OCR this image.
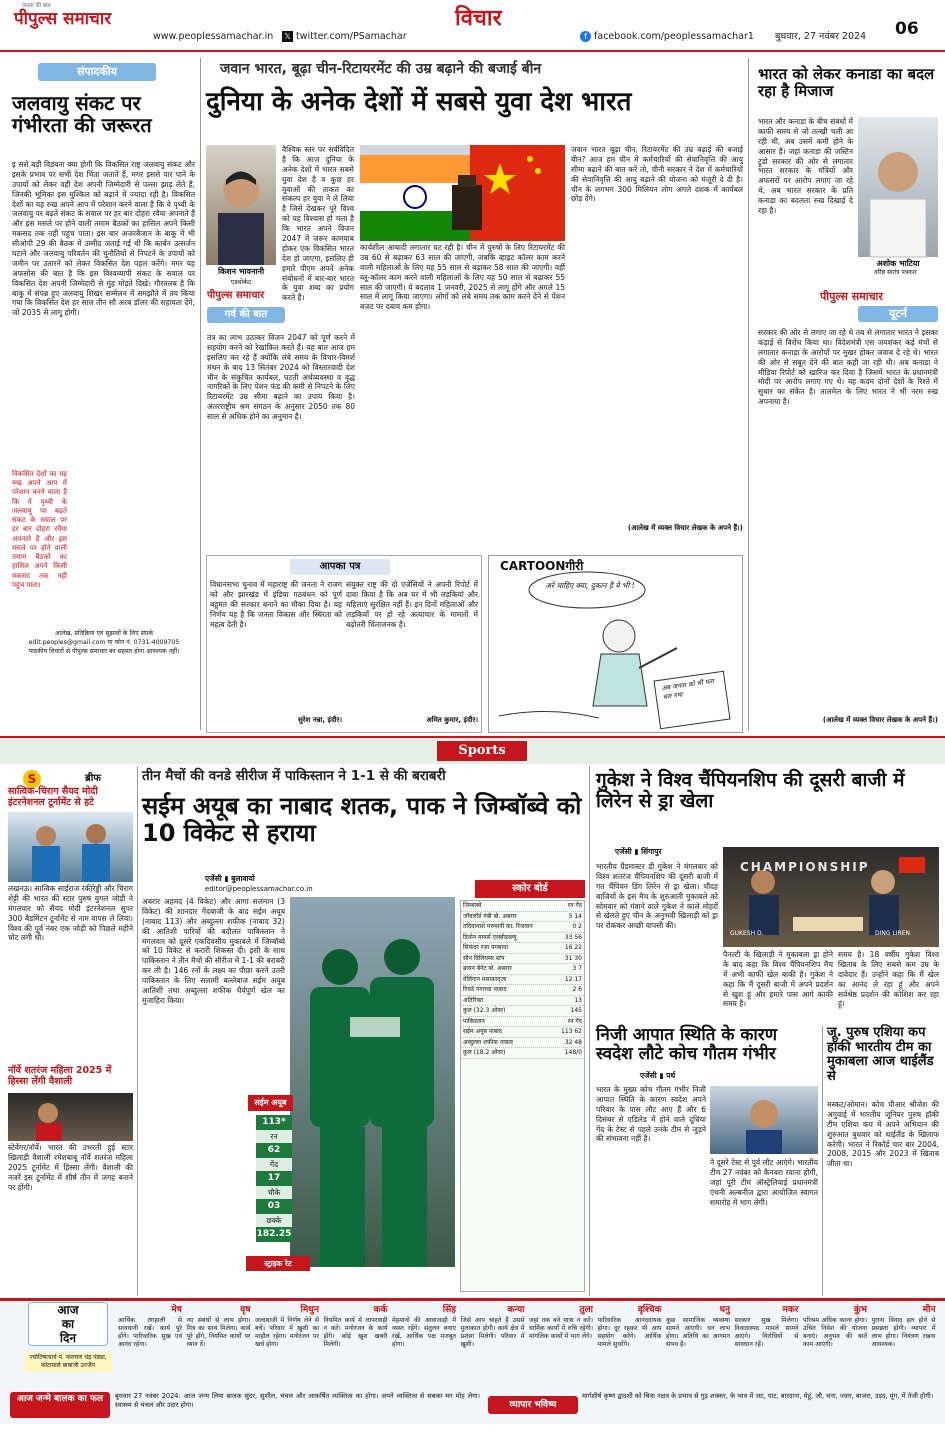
जनता की बात
पीपुल्स समाचार
www.peoplessamachar.in 𝕏 twitter.com/PSamachar
विचार
f facebook.com/peoplessamachar1 बुधवार, 27 नवंबर 2024 06
संपादकीय
जलवायु संकट पर गंभीरता की जरूरत
इ ससे बड़ी विडंबना क्या होगी कि विकसित राष्ट्र जलवायु संकट और इसके प्रभाव पर सभी देश चिंता जताते हैं, मगर इससे पार पाने के उपायों को लेकर वही देश अपनी जिम्मेदारी से पल्ला झाड़ लेते हैं, जिनकी भूमिका इस मुश्किल को बढ़ाने में ज्यादा रही है। विकसित देशों का यह रुख अपने आप में परेशान करने वाला है कि वे पृथ्वी के जलवायु पर बढ़ते संकट के सवाल पर हर बार दोहरा रवैया अपनाते हैं और इस मसले पर होने वाली तमाम बैठकों का हासिल अपने किसी मकसद तक नहीं पहुंच पाता। इस बार अजरबैजान के बाकू में भी सीओपी 29 की बैठक में उम्मीद जताई गई थी कि कार्बन उत्सर्जन घटाने और जलवायु परिवर्तन की चुनौतियों से निपटने के उपायों को जमीन पर उतारने को लेकर विकसित देश पहल करेंगे। मगर यह अफसोस की बात है कि इस विश्वव्यापी संकट के सवाल पर विकसित देश अपनी जिम्मेदारी से मुंह मोड़ते दिखे। गौरतलब है कि बाकू में संपन्न हुए जलवायु शिखर सम्मेलन में समझौते में तय किया गया कि विकसित देश हर साल तीन सौ अरब डॉलर की सहायता देंगे, जो 2035 से लागू होगी।
विकसित देशों का यह रुख अपने आप में परेशान करने वाला है कि वे पृथ्वी के जलवायु पर बढ़ते संकट के सवाल पर हर बार दोहरा रवैया अपनाते हैं और इस मसले पर होने वाली तमाम बैठकों का हासिल अपने किसी मकसद तक नहीं पहुंच पाता।
आलेख, प्रतिक्रिया एवं सुझावों के लिए संपर्क
edit.peoples@gmail.com या फोन नं. 0731-4009705
पाठकीय विचारों से पीपुल्स समाचार का सहमत होना आवश्यक नहीं।
जवान भारत, बूढ़ा चीन-रिटायरमेंट की उम्र बढ़ाने की बजाई बीन
दुनिया के अनेक देशों में सबसे युवा देश भारत
किशन भावनानी
एडवोकेट
वैश्विक स्तर पर सर्वविदित है कि आज दुनिया के अनेक देशों में भारत सबसे युवा देश है व कुछ हर युवाओं की ताकत का संकल्प हर युवा ने ले लिया है जिसे देखकर पूरे विश्व को यह विश्वास हो चला है कि भारत अपने विजन 2047 में जरूर कामयाब होकर एक विकसित भारत देश हो जाएगा, इसलिए ही हमारे पीएम अपने अनेक संबोधनों में बार-बार भारत के युवा शब्द का प्रयोग करते हैं।
पीपुल्स समाचार
गर्व की बात
तंत्र का लाभ उठाकर विजन 2047 को पूर्ण करने में सहयोग करने को रेखांकित करते हैं। यह बात आज हम इसलिए कर रहे हैं क्योंकि लंबे समय के विचार-विमर्श मंथन के बाद 13 सितंबर 2024 को विस्तारवादी देश चीन के संकुचित कार्यबल, घटती अर्थव्यवस्था व वृद्ध नागरिकों के लिए पेंशन फंड की कमी से निपटने के लिए रिटायरमेंट उम्र सीमा बढ़ाने का उपाय किया है। अंतरराष्ट्रीय श्रम संगठन के अनुसार 2050 तक 80 साल से अधिक होने का अनुमान है।
कार्यशील आबादी लगातार घट रही है। चीन में पुरुषों के लिए रिटायरमेंट की उम्र 60 से बढ़ाकर 63 साल की जाएगी, जबकि व्हाइट कॉलर काम करने वाली महिलाओं के लिए यह 55 साल से बढ़ाकर 58 साल की जाएगी। वहीं ब्लू-कॉलर काम करने वाली महिलाओं के लिए यह 50 साल से बढ़ाकर 55 साल की जाएगी। ये बदलाव 1 जनवरी, 2025 से लागू होंगे और अगले 15 साल में लागू किया जाएगा। लोगों को लंबे समय तक काम करने देने से पेंशन बजट पर दबाव कम होगा।
जवान भारत बूढ़ा चीन, रिटायरमेंट की उम्र बढ़ाई की बजाई बीन? आज हम चीन में कर्मचारियों की सेवानिवृत्ति की आयु सीमा बढ़ाने की बात करें तो, चीनी सरकार ने देश में कर्मचारियों की सेवानिवृत्ति की आयु बढ़ाने की योजना को मंजूरी दे दी है। चीन के लगभग 300 मिलियन लोग अगले दशक में कार्यबल छोड़ देंगे।
(आलेख में व्यक्त विचार लेखक के अपने हैं।)
आपका पत्र
विधानसभा चुनाव में महाराष्ट्र की जनता ने राजग को और झारखंड में इंडिया गठबंधन को पूर्ण बहुमत की सरकार बनाने का मौका दिया है। यह निर्णय यह है कि जनता विकास और स्थिरता को महत्व देती है।
सुरेश नन्ना, इंदौर।
संयुक्त राष्ट्र की दो एजेंसियों ने अपनी रिपोर्ट में दावा किया है कि अब घर में भी लड़कियां और महिलाएं सुरक्षित नहीं हैं। इन दिनों महिलाओं और लड़कियों पर हो रहे अत्याचार के मामलों में बढ़ोतरी चिंताजनक है।
अमित कुमार, इंदौर।
CARTOONगीरी
अरे चाहिए क्या, दुकान है ये भी !
अब जनता को भी पता चल गया
भारत को लेकर कनाडा का बदल रहा है मिजाज
भारत और कनाडा के बीच संबंधों में काफी समय से जो तल्खी चली आ रही थी, अब उसमें कमी होने के आसार हैं। जहां कनाडा की जस्टिन ट्रूडो सरकार की ओर से लगातार भारत सरकार के मंत्रियों और अफसरों पर आरोप लगाए जा रहे थे, अब भारत सरकार के प्रति कनाडा का बदलता रुख दिखाई दे रहा है।
अशोक भाटिया
वरिष्ठ स्वतंत्र पत्रकार
पीपुल्स समाचार
यूटर्न
सरकार की ओर से लगाए जा रहे थे तब से लगातार भारत ने इसका कड़ाई से विरोध किया था। विदेशमंत्री एस जयशंकर कई मंचों से लगातार कनाडा के आरोपों पर मुखर होकर जवाब दे रहे थे। भारत की ओर से सबूत देने की बात कही जा रही थी। अब कनाडा ने मीडिया रिपोर्ट को खारिज कर दिया है जिसमें भारत के प्रधानमंत्री मोदी पर आरोप लगाए गए थे। यह कदम दोनों देशों के रिश्ते में सुधार का संकेत है। तालमेल के लिए भारत ने भी नरम रुख अपनाया है।
(आलेख में व्यक्त विचार लेखक के अपने हैं।)
Sports
S	ब्रीफ
सात्विक-चिराग सैयद मोदी इंटरनेशनल टूर्नामेंट से हटे
लखनऊ। सात्विक साईराज रंकीरेड्डी और चिराग शेट्टी की भारत की स्टार पुरुष युगल जोड़ी ने मंगलवार को सैयद मोदी इंटरनेशनल सुपर 300 बैडमिंटन टूर्नामेंट से नाम वापस ले लिया। विश्व की पूर्व नंबर एक जोड़ी को पिछले महीने चोट लगी थी।
नॉर्वे शतरंज महिला 2025 में हिस्सा लेंगी वैशाली
स्टेवेंगर/नॉर्वे। भारत की उभरती हुई स्टार खिलाड़ी वैशाली रमेशबाबू नॉर्वे शतरंज महिला 2025 टूर्नामेंट में हिस्सा लेंगी। वैशाली की नजरें इस टूर्नामेंट में शीर्ष तीन में जगह बनाने पर होंगी।
तीन मैचों की वनडे सीरीज में पाकिस्तान ने 1-1 से की बराबरी
सईम अयूब का नाबाद शतक, पाक ने जिम्बॉब्वे को 10 विकेट से हराया
एजेंसी ▮ बुलावायो
editor@peoplessamachar.co.in
अबरार अहमद (4 विकेट) और आगा सलमान (3 विकेट) की शानदार गेंदबाजी के बाद सईम अयूब (नाबाद 113) और अब्दुल्ला शफीक (नाबाद 32) की आतिशी पारियों की बदौलत पाकिस्तान ने मंगलवार को दूसरे एकदिवसीय मुकाबले में जिम्बॉब्वे को 10 विकेट से करारी शिकस्त दी। इसी के साथ पाकिस्तान ने तीन मैचों की सीरीज में 1-1 की बराबरी कर ली है। 146 रनों के लक्ष्य का पीछा करने उतरी पाकिस्तान के लिए सलामी बल्लेबाज सईम अयूब आतिशी तथा अब्दुल्ला शफीक धैर्यपूर्ण खेल का मुजाहिरा किया।
सईम अयूब
113*
रन
62
गेंद
17
चौके
03
छक्के
182.25
स्ट्राइक रेट
स्कोर बोर्ड
जिम्बाब्वे	रन गेंद
जॉयलॉर्ड गंबी बो. अबरार	5 14
तदिवानाशे मरुमानी का. रिजवान	0 2
डियोन मायर्स एलबीडब्ल्यू	33 56
सिकंदर रजा पगबाधा	16 22
सीन विलियम्स स्टंप	31 30
ब्रायन बेनेट बो. अबरार	3 7
वेलिंग्टन मसाकाद्जा	12 17
रिचर्ड नगारवा नाबाद	2 6
अतिरिक्त	13
कुल (32.3 ओवर)	145
पाकिस्तान	रन गेंद
सईम अयूब नाबाद	113 62
अब्दुल्ला शफीक नाबाद	32 48
कुल (18.2 ओवर)	148/0
गुकेश ने विश्व चैंपियनशिप की दूसरी बाजी में लिरेन से ड्रा खेला
एजेंसी ▮ सिंगापुर
भारतीय ग्रैंडमास्टर डी गुकेश ने मंगलवार को विश्व शतरंज चैंपियनशिप की दूसरी बाजी में गत चैंपियन डिंग लिरेन से ड्रा खेला। चौदह बाजियों के इस मैच के शुरुआती मुकाबले को सोमवार को गंवाने वाले गुकेश ने काले मोहरों से खेलते हुए चीन के अनुभवी खिलाड़ी को ड्रा पर रोककर अच्छी वापसी की।
CHAMPIONSHIP
GUKESH D.	DING LIREN
पैनल्टी के खिलाड़ी ने मुकाबला ड्रा होने के बाद कहा कि विश्व चैंपियनशिप मैच में अभी काफी खेल बाकी है। गुकेश ने कहा कि मैं दूसरी बाजी में अपने प्रदर्शन से खुश हूं और हमारे पास आगे काफी समय है।
समय है। 18 वर्षीय गुकेश विश्व खिताब के लिए सबसे कम उम्र के दावेदार हैं। उन्होंने कहा कि मैं खेल का आनंद ले रहा हूं और अपने सर्वश्रेष्ठ प्रदर्शन की कोशिश कर रहा हूं।
निजी आपात स्थिति के कारण स्वदेश लौटे कोच गौतम गंभीर
एजेंसी ▮ पर्थ
भारत के मुख्य कोच गौतम गंभीर निजी आपात स्थिति के कारण स्वदेश अपने परिवार के पास लौट आए हैं और 6 दिसंबर से एडिलेड में होने वाले दूधिया गेंद के टेस्ट से पहले उनके टीम से जुड़ने की संभावना नहीं है।
ने दूसरे टेस्ट से पूर्व लौट आएंगे। भारतीय टीम 27 नवंबर को कैनबरा रवाना होगी, जहां पूरी टीम ऑस्ट्रेलियाई प्रधानमंत्री एंथनी अल्बनीज द्वारा आयोजित स्वागत समारोह में भाग लेगी।
जू. पुरुष एशिया कप हॉकी भारतीय टीम का मुकाबला आज थाईलैंड से
मस्कट/ओमान। कोच पीआर श्रीजेश की अगुवाई में भारतीय जूनियर पुरुष हॉकी टीम एशिया कप में अपने अभियान की शुरुआत बुधवार को थाईलैंड के खिलाफ करेगी। भारत ने रिकॉर्ड चार बार 2004, 2008, 2015 और 2023 में खिताब जीता था।
आज
का
दिन
ज्योतिषाचार्य पं. नारायण चंद्र पंड्या, कोटावाले बाबाजी उज्जैन
मेष
आर्थिक तंगहाली से सावधानी रखें। कार्य पूरे होंगे। पारिवारिक सुख एवं आनंद रहेगा।
वृष
नए संबंधों से लाभ होगा। मित्र का साथ मिलेगा। कार्य पूरे होंगे, नियमित कार्यों पर ध्यान दें।
मिथुन
जल्दबाजी में निर्णय लेने से बचें। परिवार में खुशी का माहौल रहेगा। मनोरंजन पर खर्च होगा।
कर्क
नियमित कार्य में लापरवाही न करें। मनोरंजन के कार्य होंगे। कोई खुश खबरी मिलेगी।
सिंह
मेहमानों की आवाजाही में व्यस्त रहेंगे। संतुलन बनाए रखें, आर्थिक पक्ष मजबूत होगा।
कन्या
जिसे आप चाहते हैं उससे मुलाकात होगी। कार्य क्षेत्र में प्रशंसा मिलेगी। परिवार में खुशी।
तुला
जहां तक बने यात्रा न करें। धार्मिक कार्यों में रुचि रहेगी। मांगलिक कार्यों में भाग लेंगे।
वृश्चिक
पारिवारिक आनंददायक होगा। दूर रहकर भी आप सहयोग करेंगे। आर्थिक मामले सुधरेंगे।
धनु
कुछ सामाजिक व्यवस्था सामने आएगी। धन लाभ होगा। अतिथि का आगमन संभव है।
मकर
सरकार सुख मिलेगा। विवादास्पद मामले सामने आएंगे। विरोधियों से सावधान रहें।
कुंभ
परिश्रम अधिक करना होगा। उचित निवेश की योजना बनाएं। अनुभव की बातें काम आएंगी।
मीन
पुराना विवाद हल होने से प्रसन्नता होगी। व्यापार में लाभ होगा। नियंत्रण रखना आवश्यक।
आज जन्मे बालक का फल	बुधवार 27 नवंबर 2024: आज जन्म लिया बालक सुंदर, सुशील, चंचल और आकर्षित व्यक्तित्व का होगा। अपने व्यक्तित्व से सबका मन मोह लेगा। स्वास्थ्य से चंचल और उदार होगा।	व्यापार भविष्य
मार्गशीर्ष कृष्ण द्वादशी को चित्रा नक्षत्र के प्रभाव से गुड़ शक्कर, के भाव में जट, पाट, बारदाना, मेहूं, जौ, चना, ज्वार, बाजरा, उड़द, मूंग, में तेजी होगी।
